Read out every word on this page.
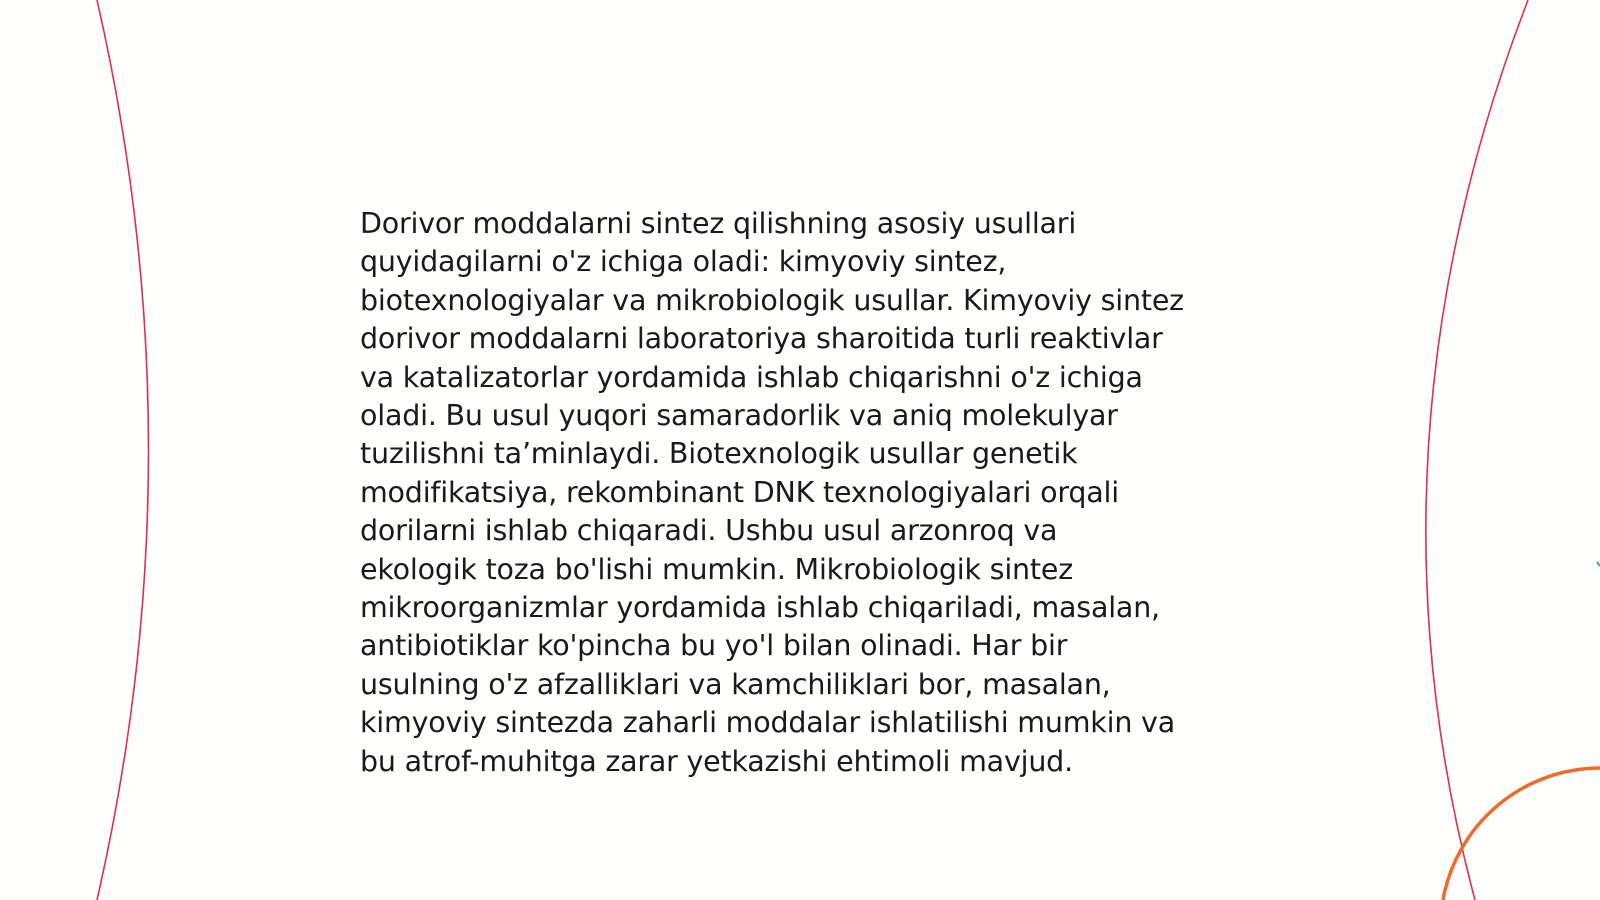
Dorivor moddalarni sintez qilishning asosiy usullari
quyidagilarni o'z ichiga oladi: kimyoviy sintez,
biotexnologiyalar va mikrobiologik usullar. Kimyoviy sintez
dorivor moddalarni laboratoriya sharoitida turli reaktivlar
va katalizatorlar yordamida ishlab chiqarishni o'z ichiga
oladi. Bu usul yuqori samaradorlik va aniq molekulyar
tuzilishni ta’minlaydi. Biotexnologik usullar genetik
modifikatsiya, rekombinant DNK texnologiyalari orqali
dorilarni ishlab chiqaradi. Ushbu usul arzonroq va
ekologik toza bo'lishi mumkin. Mikrobiologik sintez
mikroorganizmlar yordamida ishlab chiqariladi, masalan,
antibiotiklar ko'pincha bu yo'l bilan olinadi. Har bir
usulning o'z afzalliklari va kamchiliklari bor, masalan,
kimyoviy sintezda zaharli moddalar ishlatilishi mumkin va
bu atrof-muhitga zarar yetkazishi ehtimoli mavjud.
